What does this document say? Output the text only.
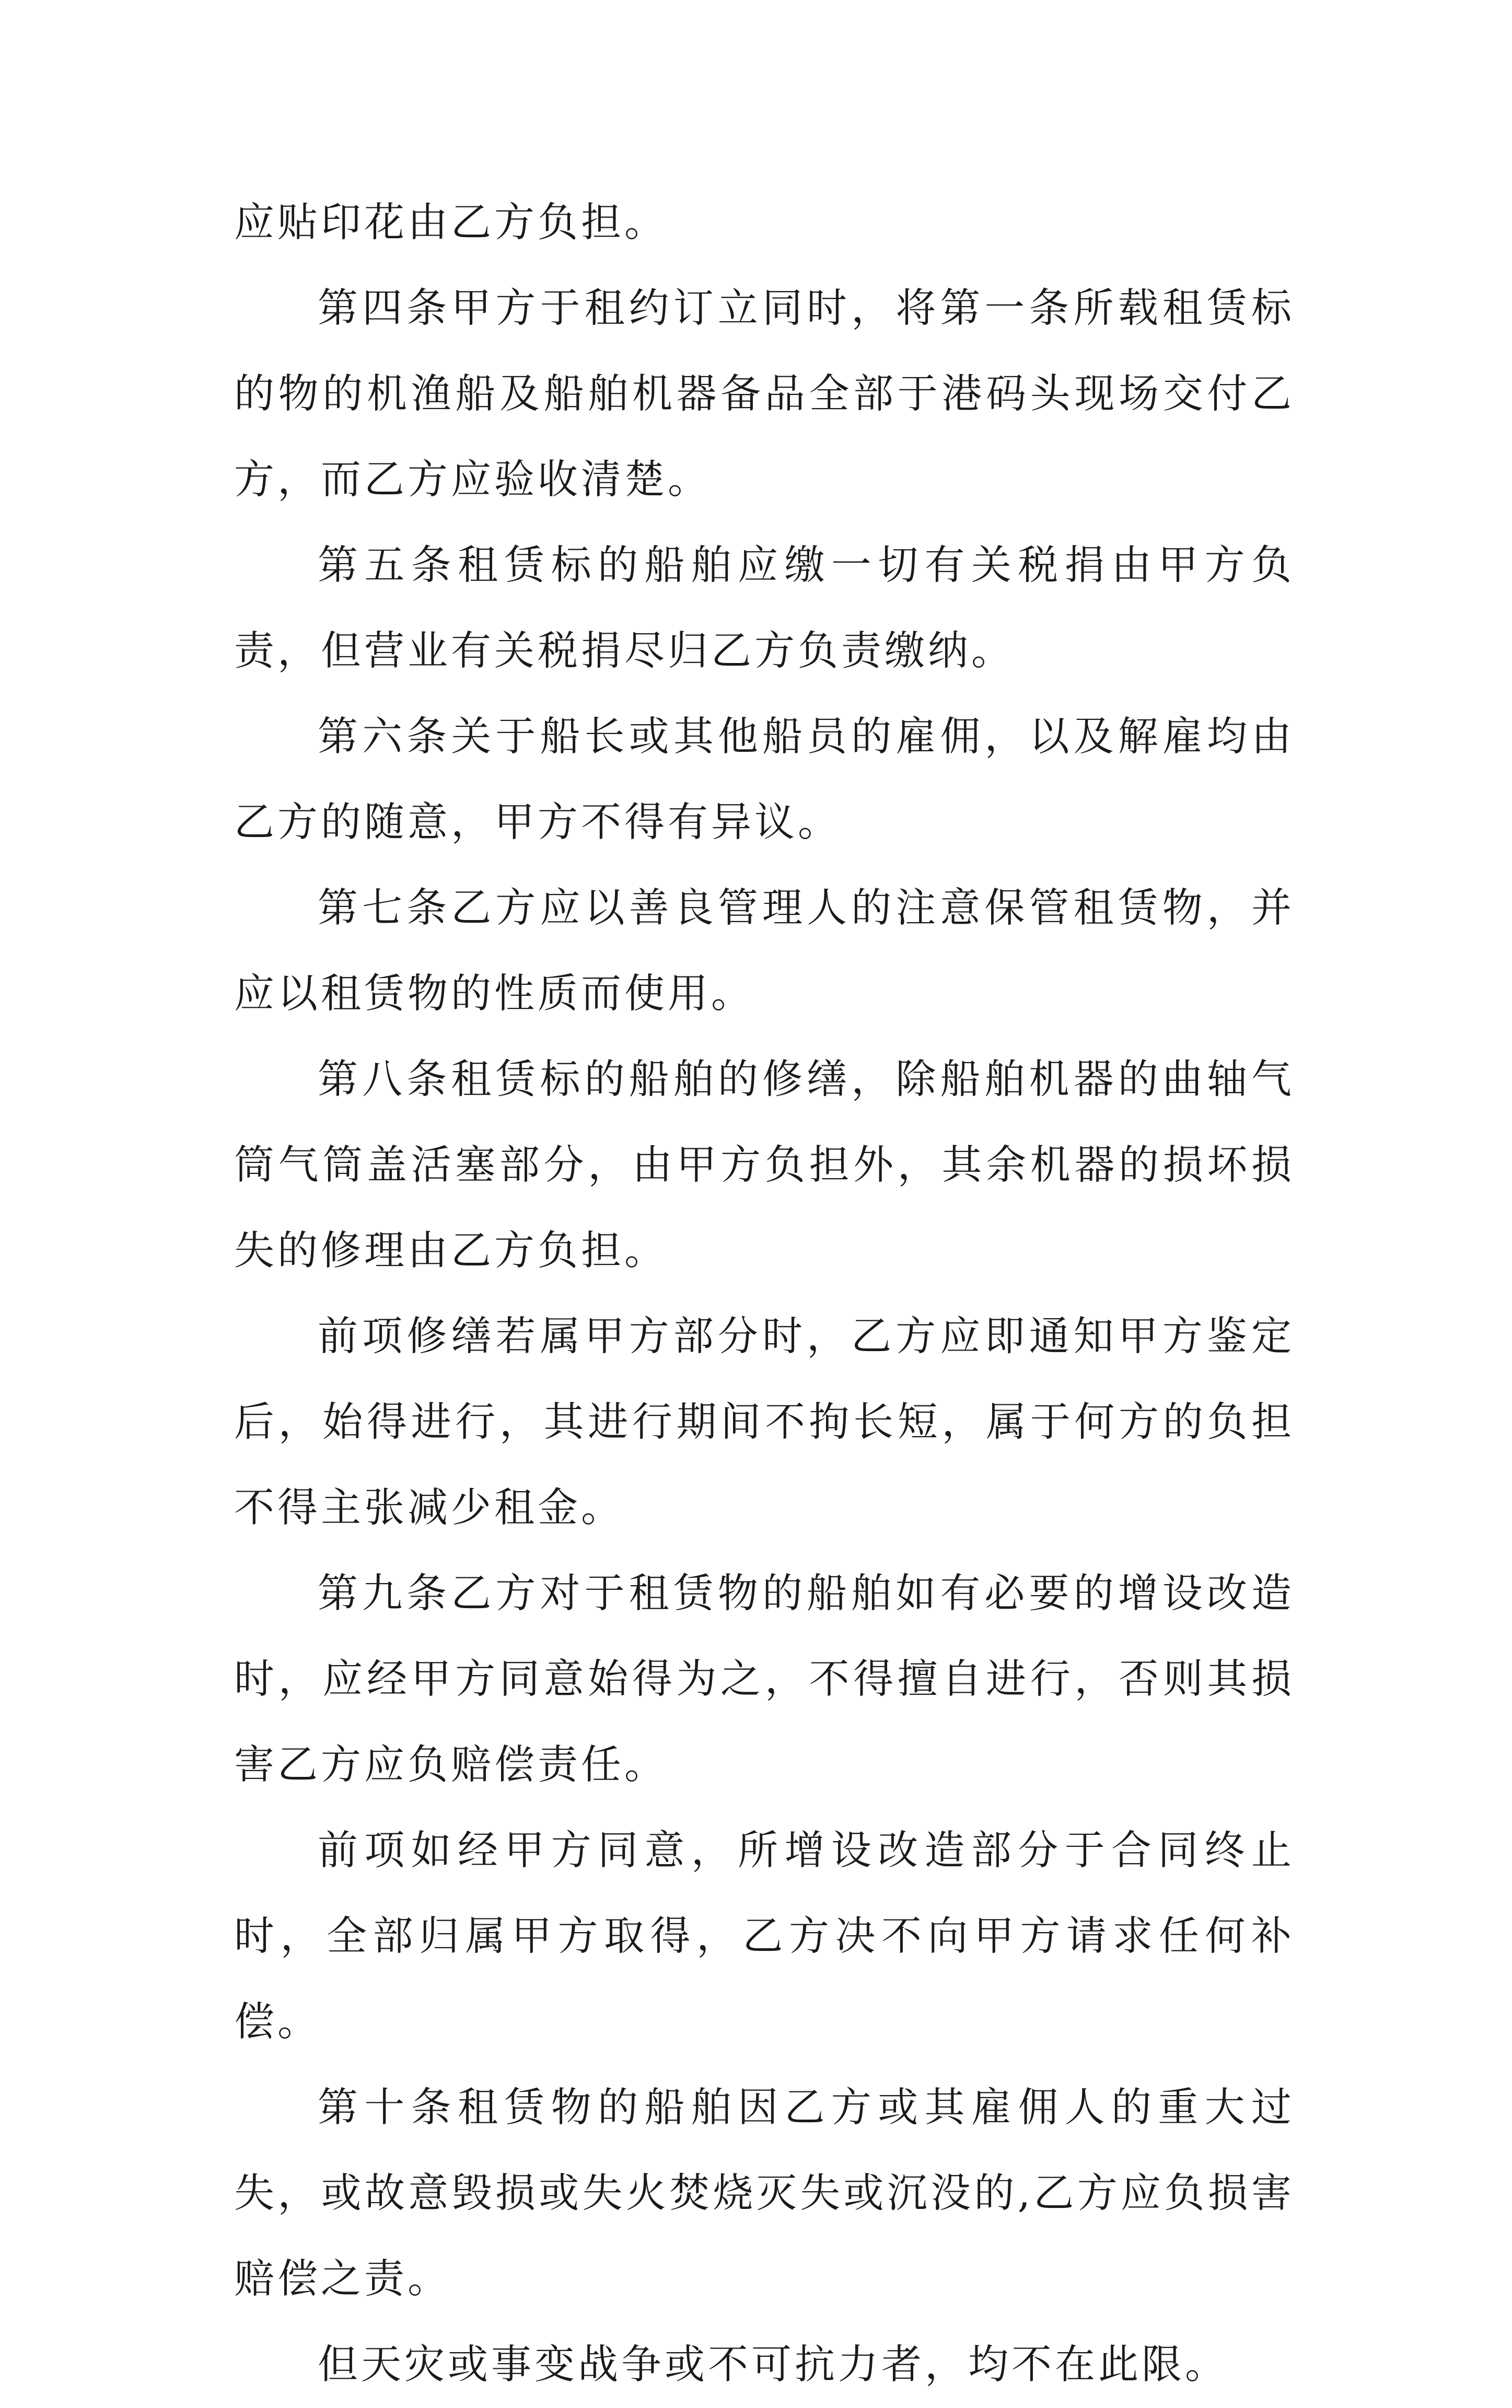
应贴印花由乙方负担。

第四条甲方于租约订立同时，将第一条所载租赁标的物的机渔船及船舶机器备品全部于港码头现场交付乙方，而乙方应验收清楚。

第五条租赁标的船舶应缴一切有关税捐由甲方负责，但营业有关税捐尽归乙方负责缴纳。

第六条关于船长或其他船员的雇佣，以及解雇均由乙方的随意，甲方不得有异议。

第七条乙方应以善良管理人的注意保管租赁物，并应以租赁物的性质而使用。

第八条租赁标的船舶的修缮，除船舶机器的曲轴气筒气筒盖活塞部分，由甲方负担外，其余机器的损坏损失的修理由乙方负担。

前项修缮若属甲方部分时，乙方应即通知甲方鉴定后，始得进行，其进行期间不拘长短，属于何方的负担不得主张减少租金。

第九条乙方对于租赁物的船舶如有必要的增设改造时，应经甲方同意始得为之，不得擅自进行，否则其损害乙方应负赔偿责任。

前项如经甲方同意，所增设改造部分于合同终止时，全部归属甲方取得，乙方决不向甲方请求任何补偿。

第十条租赁物的船舶因乙方或其雇佣人的重大过失，或故意毁损或失火焚烧灭失或沉没的,乙方应负损害赔偿之责。

但天灾或事变战争或不可抗力者，均不在此限。
